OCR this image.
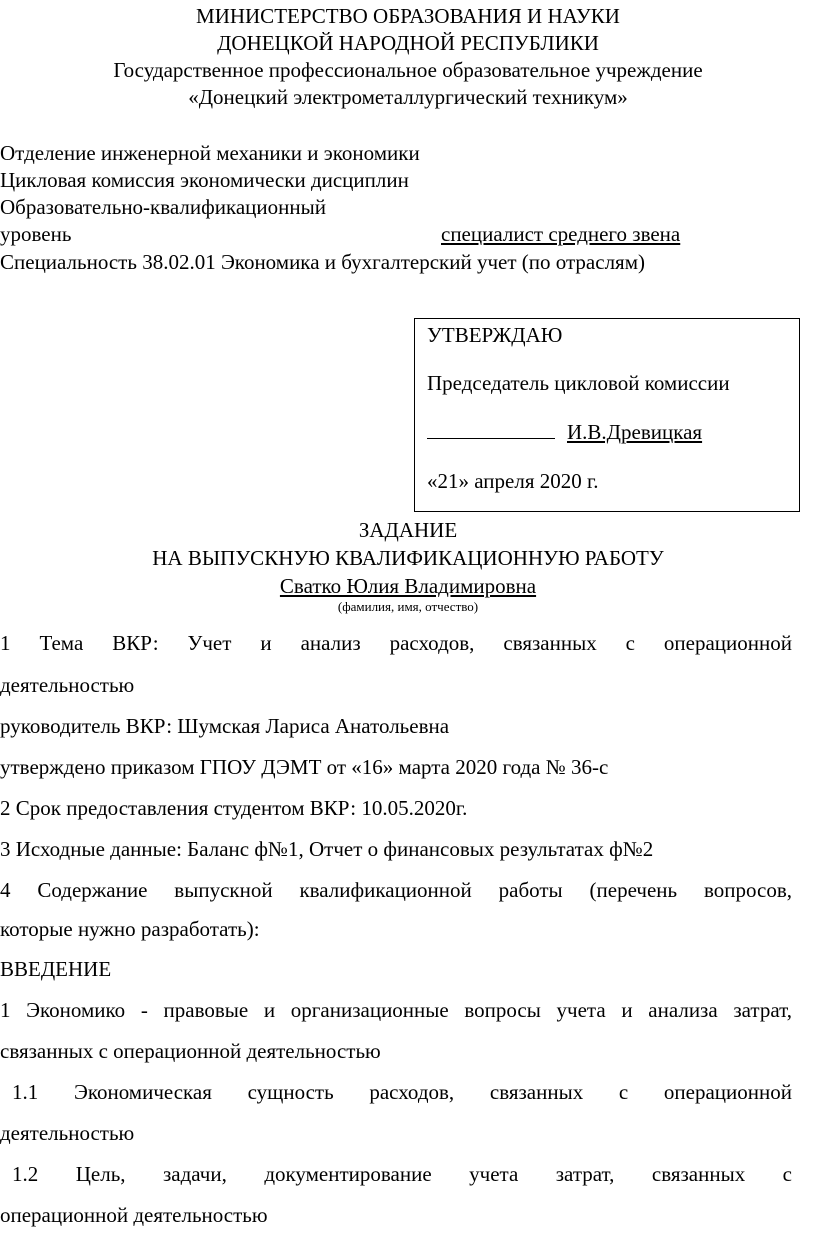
МИНИСТЕРСТВО ОБРАЗОВАНИЯ И НАУКИ
ДОНЕЦКОЙ НАРОДНОЙ РЕСПУБЛИКИ
Государственное профессиональное образовательное учреждение
«Донецкий электрометаллургический техникум»
Отделение инженерной механики и экономики
Цикловая комиссия экономически дисциплин
Образовательно-квалификационный
уровень	специалист среднего звена
Специальность 38.02.01 Экономика и бухгалтерский учет (по отраслям)
УТВЕРЖДАЮ
Председатель цикловой комиссии
И.В.Древицкая
«21» апреля 2020 г.
ЗАДАНИЕ
НА ВЫПУСКНУЮ КВАЛИФИКАЦИОННУЮ РАБОТУ
Сватко Юлия Владимировна
(фамилия, имя, отчество)
1 Тема ВКР: Учет и анализ расходов, связанных с операционной
деятельностью
руководитель ВКР: Шумская Лариса Анатольевна
утверждено приказом ГПОУ ДЭМТ от «16» марта 2020 года № 36-с
2 Срок предоставления студентом ВКР: 10.05.2020г.
3 Исходные данные: Баланс ф№1, Отчет о финансовых результатах ф№2
4 Содержание выпускной квалификационной работы (перечень вопросов,
которые нужно разработать):
ВВЕДЕНИЕ
1 Экономико - правовые и организационные вопросы учета и анализа затрат,
связанных с операционной деятельностью
1.1 Экономическая сущность расходов, связанных с операционной
деятельностью
1.2 Цель, задачи, документирование учета затрат, связанных с
операционной деятельностью
